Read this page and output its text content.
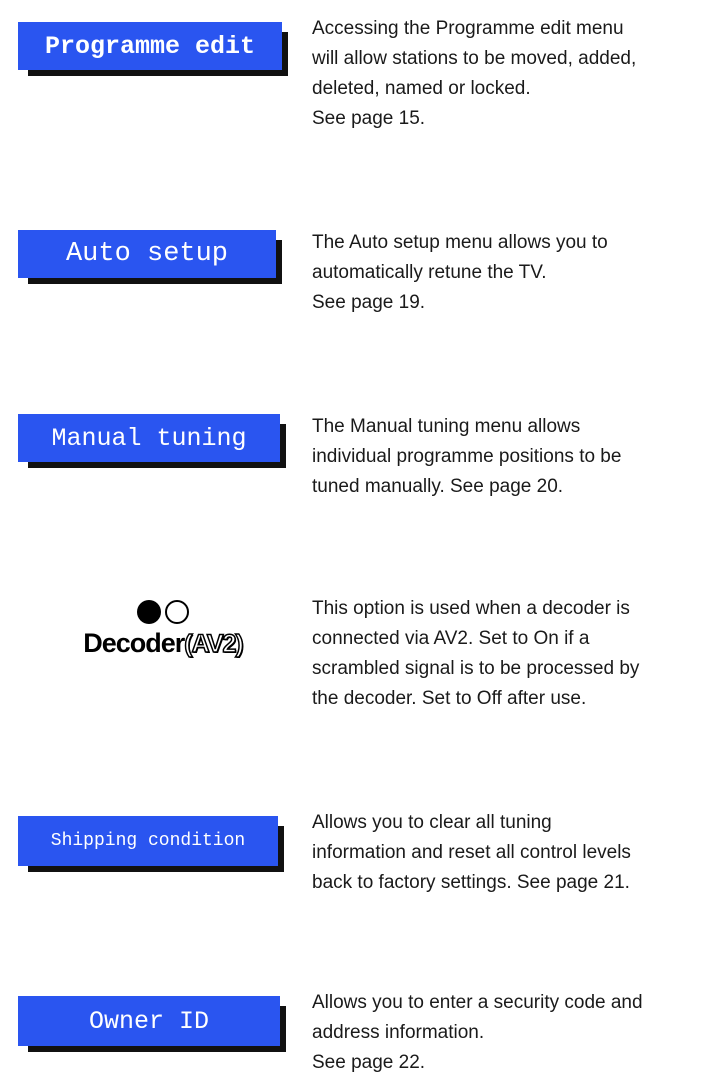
Programme edit

Accessing the Programme edit menu

will allow stations to be moved, added,

deleted, named or locked.

See page 15.

Auto setup	The Auto setup menu allows you to

automatically retune the TV.

See page 19.

Manual tuning	The Manual tuning menu allows

individual programme positions to be

tuned manually. See page 20.

Decoder(AV2)

This option is used when a decoder is

connected via AV2. Set to On if a

scrambled signal is to be processed by

the decoder. Set to Off after use.

Shipping condition

Allows you to clear all tuning

information and reset all control levels

back to factory settings. See page 21.

Owner ID

Allows you to enter a security code and

address information.

See page 22.
